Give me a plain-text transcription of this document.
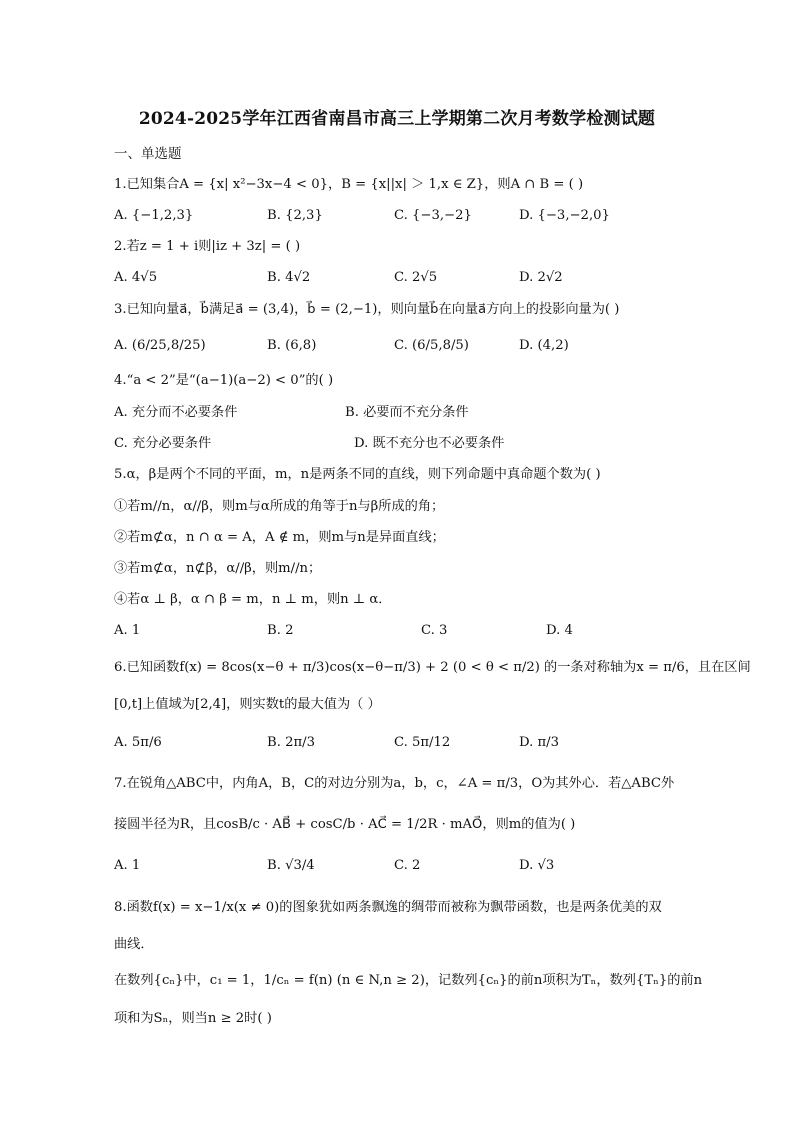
2024-2025学年江西省南昌市高三上学期第二次月考数学检测试题
一、单选题
1.已知集合A = {x| x²−3x−4 < 0}，B = {x||x| ＞ 1,x ∈ Z}，则A ∩ B = ( )
A. {−1,2,3}	B. {2,3}	C. {−3,−2}	D. {−3,−2,0}
2.若z = 1 + i则|iz + 3z| = ( )
A. 4√5	B. 4√2	C. 2√5	D. 2√2
3.已知向量a⃗，b⃗满足a⃗ = (3,4)，b⃗ = (2,−1)，则向量b⃗在向量a⃗方向上的投影向量为( )
A. (6/25,8/25)	B. (6,8)	C. (6/5,8/5)	D. (4,2)
4.“a < 2”是“(a−1)(a−2) < 0”的( )
A. 充分而不必要条件	B. 必要而不充分条件
C. 充分必要条件	D. 既不充分也不必要条件
5.α，β是两个不同的平面，m，n是两条不同的直线，则下列命题中真命题个数为( )
①若m//n，α//β，则m与α所成的角等于n与β所成的角；
②若m⊄α，n ∩ α = A，A ∉ m，则m与n是异面直线；
③若m⊄α，n⊄β，α//β，则m//n；
④若α ⊥ β，α ∩ β = m，n ⊥ m，则n ⊥ α．
A. 1	B. 2	C. 3	D. 4
6.已知函数f(x) = 8cos(x−θ + π/3)cos(x−θ−π/3) + 2 (0 < θ < π/2) 的一条对称轴为x = π/6，且在区间
[0,t]上值域为[2,4]，则实数t的最大值为（ ）
A. 5π/6	B. 2π/3	C. 5π/12	D. π/3
7.在锐角△ABC中，内角A，B，C的对边分别为a，b，c，∠A = π/3，O为其外心．若△ABC外
接圆半径为R，且cosB/c · AB⃗ + cosC/b · AC⃗ = 1/2R · mAO⃗，则m的值为( )
A. 1	B. √3/4	C. 2	D. √3
8.函数f(x) = x−1/x(x ≠ 0)的图象犹如两条飘逸的绸带而被称为飘带函数，也是两条优美的双
曲线．
在数列{cₙ}中，c₁ = 1，1/cₙ = f(n) (n ∈ N,n ≥ 2)，记数列{cₙ}的前n项积为Tₙ，数列{Tₙ}的前n
项和为Sₙ，则当n ≥ 2时( )
